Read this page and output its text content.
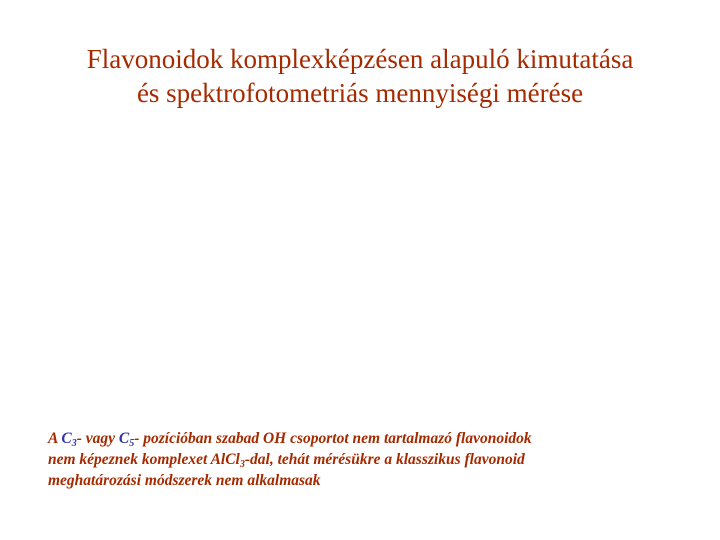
Flavonoidok komplexképzésen alapuló kimutatása
és spektrofotometriás mennyiségi mérése
A $C_3-$ vagy $C_5-$ pozícióban szabad OH csoportot nem tartalmazó flavonoidok
nem képeznek komplexet AlCl$_3$-dal, tehát mérésükre a klasszikus flavonoid
meghatározási módszerek nem alkalmasak
